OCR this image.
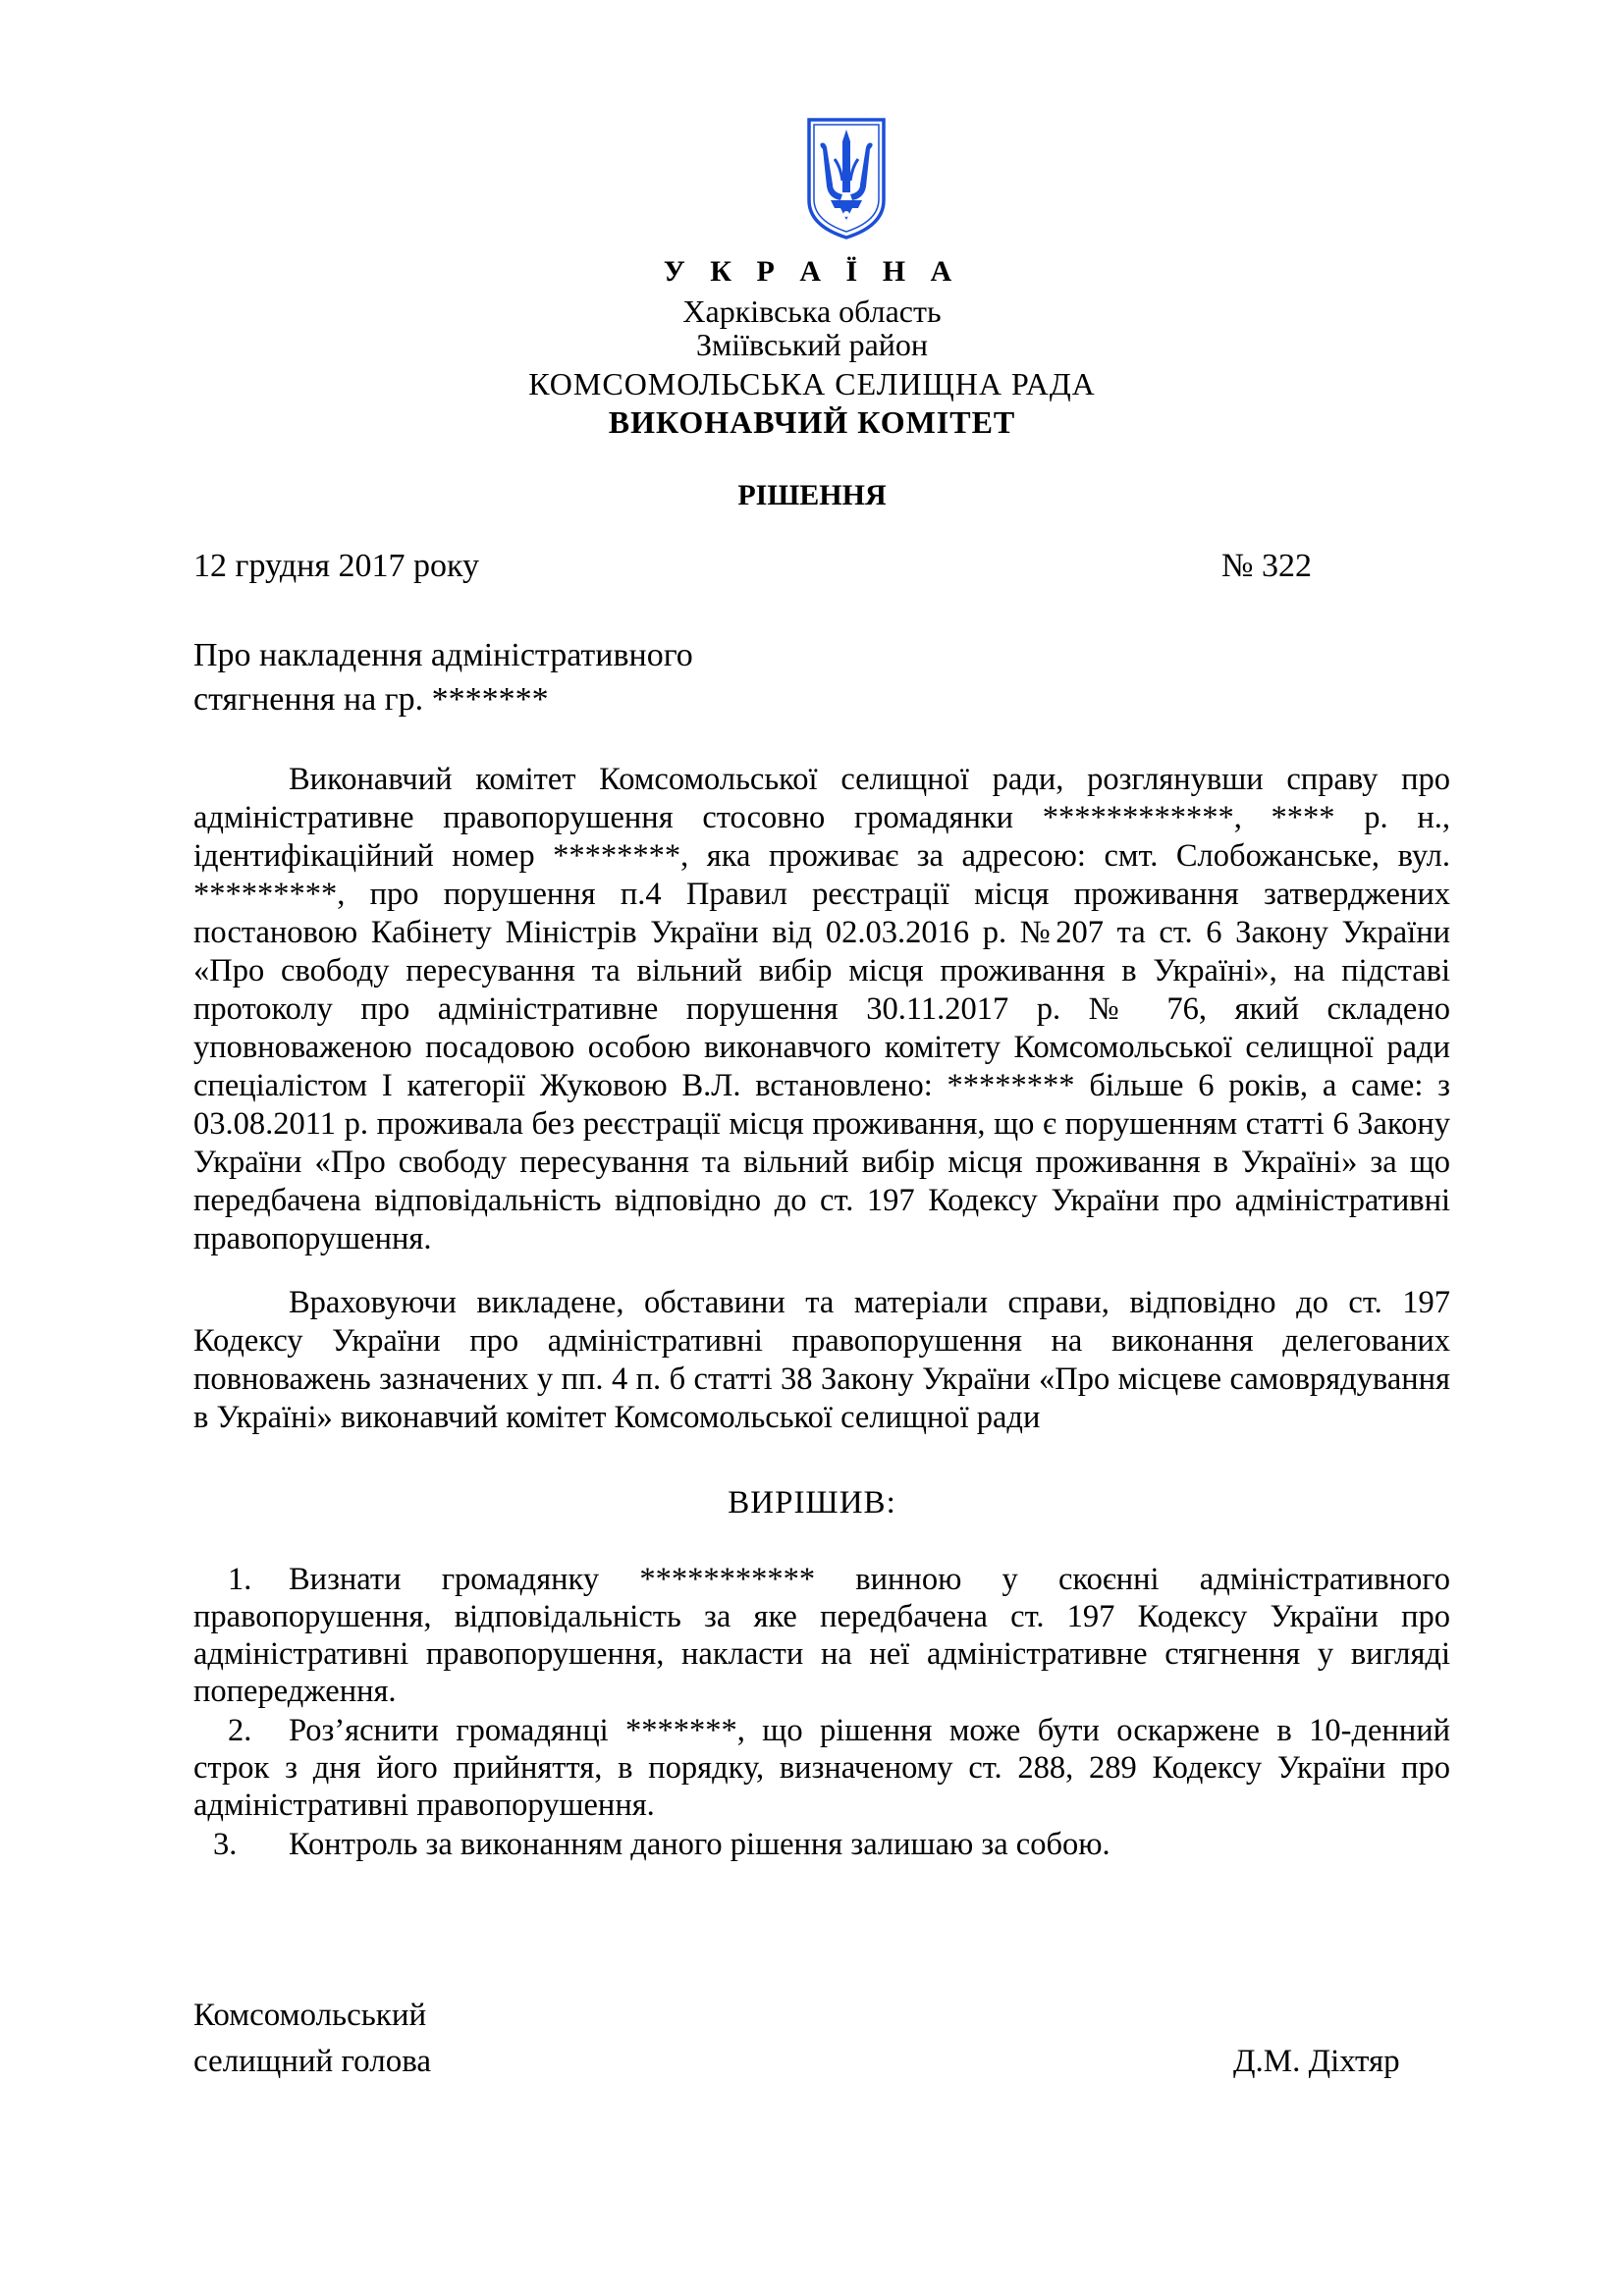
У К Р А Ї Н А
Харківська область
Зміївський район
КОМСОМОЛЬСЬКА СЕЛИЩНА РАДА
ВИКОНАВЧИЙ КОМІТЕТ
РІШЕННЯ
12 грудня 2017 року	№ 322
Про накладення адміністративного
стягнення на гр. *******

Виконавчий комітет Комсомольської селищної ради, розглянувши справу про адміністративне правопорушення стосовно громадянки ************, **** р. н., ідентифікаційний номер ********, яка проживає за адресою: смт. Слобожанське, вул. *********, про порушення п.4 Правил реєстрації місця проживання затверджених постановою Кабінету Міністрів України від 02.03.2016 р. №207 та ст. 6 Закону України «Про свободу пересування та вільний вибір місця проживання в Україні», на підставі протоколу про адміністративне порушення 30.11.2017 р. № 76, який складено уповноваженою посадовою особою виконавчого комітету Комсомольської селищної ради спеціалістом I категорії Жуковою В.Л. встановлено: ******** більше 6 років, а саме: з 03.08.2011 р. проживала без реєстрації місця проживання, що є порушенням статті 6 Закону України «Про свободу пересування та вільний вибір місця проживання в Україні» за що передбачена відповідальність відповідно до ст. 197 Кодексу України про адміністративні правопорушення.

Враховуючи викладене, обставини та матеріали справи, відповідно до ст. 197 Кодексу України про адміністративні правопорушення на виконання делегованих повноважень зазначених у пп. 4 п. б статті 38 Закону України «Про місцеве самоврядування в Україні» виконавчий комітет Комсомольської селищної ради

ВИРІШИВ:
1. Визнати громадянку *********** винною у скоєнні адміністративного правопорушення, відповідальність за яке передбачена ст. 197 Кодексу України про адміністративні правопорушення, накласти на неї адміністративне стягнення у вигляді попередження.
2. Роз’яснити громадянці *******, що рішення може бути оскаржене в 10-денний строк з дня його прийняття, в порядку, визначеному ст. 288, 289 Кодексу України про адміністративні правопорушення.
3. Контроль за виконанням даного рішення залишаю за собою.
Комсомольський
селищний голова	Д.М. Діхтяр
